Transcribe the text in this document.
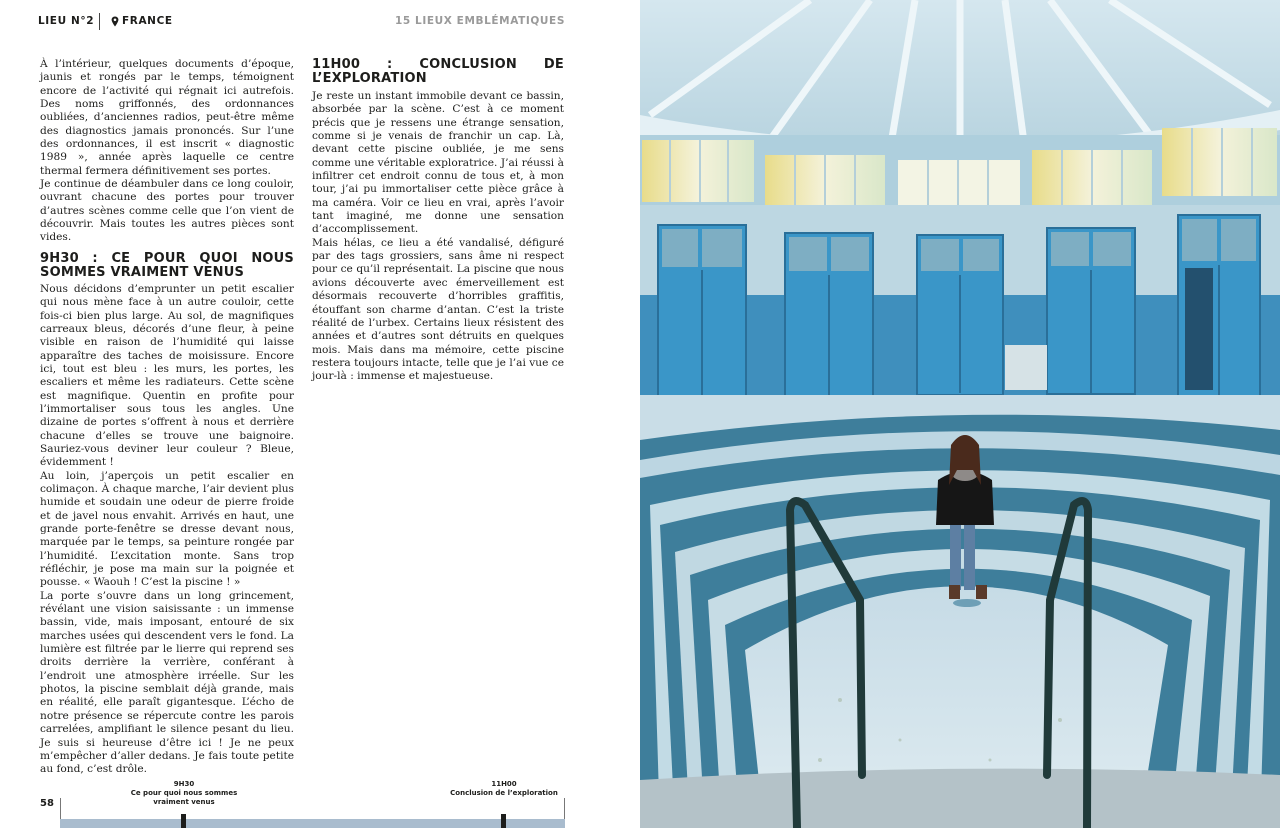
LIEU N°2	FRANCE	15 LIEUX EMBLÉMATIQUES

À l’intérieur, quelques documents d’époque, jaunis et rongés par le temps, témoignent encore de l’activité qui régnait ici autrefois. Des noms griffonnés, des ordonnances oubliées, d’anciennes radios, peut-être même des diagnostics jamais prononcés. Sur l’une des ordonnances, il est inscrit « diagnostic 1989 », année après laquelle ce centre thermal fermera définitivement ses portes.

Je continue de déambuler dans ce long couloir, ouvrant chacune des portes pour trouver d’autres scènes comme celle que l’on vient de découvrir. Mais toutes les autres pièces sont vides.

9H30 : CE POUR QUOI NOUS SOMMES VRAIMENT VENUS

Nous décidons d’emprunter un petit escalier qui nous mène face à un autre couloir, cette fois-ci bien plus large. Au sol, de magnifiques carreaux bleus, décorés d’une fleur, à peine visible en raison de l’humidité qui laisse apparaître des taches de moisissure. Encore ici, tout est bleu : les murs, les portes, les escaliers et même les radiateurs. Cette scène est magnifique. Quentin en profite pour l’immortaliser sous tous les angles. Une dizaine de portes s’offrent à nous et derrière chacune d’elles se trouve une baignoire. Sauriez-vous deviner leur couleur ? Bleue, évidemment !

Au loin, j’aperçois un petit escalier en colimaçon. À chaque marche, l’air devient plus humide et soudain une odeur de pierre froide et de javel nous envahit. Arrivés en haut, une grande porte-fenêtre se dresse devant nous, marquée par le temps, sa peinture rongée par l’humidité. L’excitation monte. Sans trop réfléchir, je pose ma main sur la poignée et pousse. « Waouh ! C’est la piscine ! »

La porte s’ouvre dans un long grincement, révélant une vision saisissante : un immense bassin, vide, mais imposant, entouré de six marches usées qui descendent vers le fond. La lumière est filtrée par le lierre qui reprend ses droits derrière la verrière, conférant à l’endroit une atmosphère irréelle. Sur les photos, la piscine semblait déjà grande, mais en réalité, elle paraît gigantesque. L’écho de notre présence se répercute contre les parois carrelées, amplifiant le silence pesant du lieu. Je suis si heureuse d’être ici ! Je ne peux m’empêcher d’aller dedans. Je fais toute petite au fond, c’est drôle.

11H00 : CONCLUSION DE L’EXPLORATION

Je reste un instant immobile devant ce bassin, absorbée par la scène. C’est à ce moment précis que je ressens une étrange sensation, comme si je venais de franchir un cap. Là, devant cette piscine oubliée, je me sens comme une véritable exploratrice. J’ai réussi à infiltrer cet endroit connu de tous et, à mon tour, j’ai pu immortaliser cette pièce grâce à ma caméra. Voir ce lieu en vrai, après l’avoir tant imaginé, me donne une sensation d’accomplissement.

Mais hélas, ce lieu a été vandalisé, défiguré par des tags grossiers, sans âme ni respect pour ce qu’il représentait. La piscine que nous avions découverte avec émerveillement est désormais recouverte d’horribles graffitis, étouffant son charme d’antan. C’est la triste réalité de l’urbex. Certains lieux résistent des années et d’autres sont détruits en quelques mois. Mais dans ma mémoire, cette piscine restera toujours intacte, telle que je l’ai vue ce jour-là : immense et majestueuse.

58
9H30
Ce pour quoi nous sommes
vraiment venus
11H00
Conclusion de l’exploration
